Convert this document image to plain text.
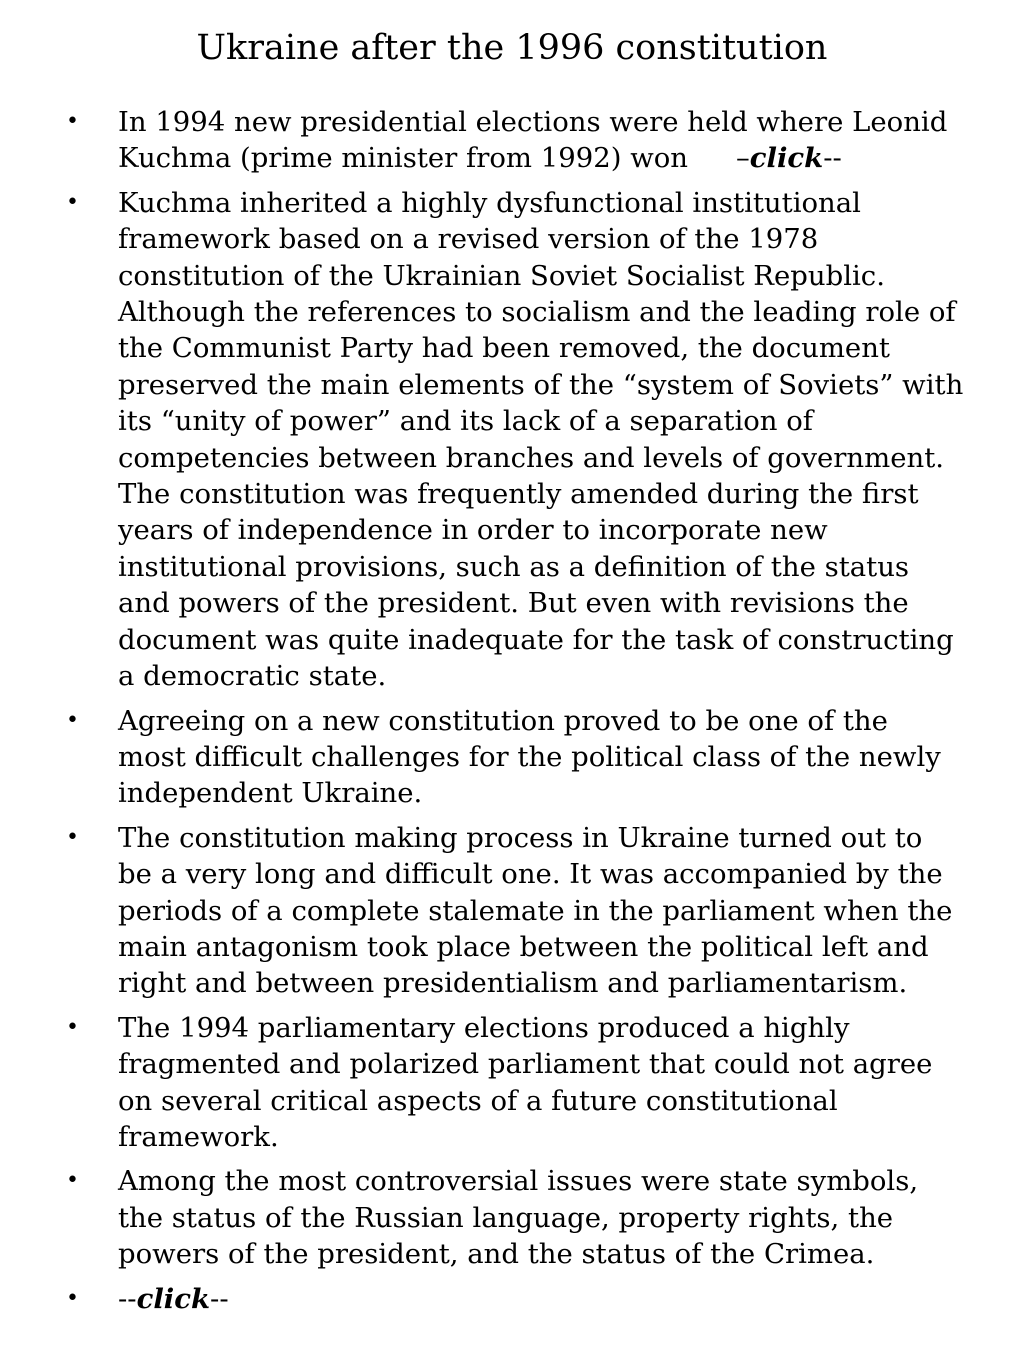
Ukraine after the 1996 constitution
• In 1994 new presidential elections were held where Leonid Kuchma (prime minister from 1992) won –click--
• Kuchma inherited a highly dysfunctional institutional framework based on a revised version of the 1978 constitution of the Ukrainian Soviet Socialist Republic. Although the references to socialism and the leading role of the Communist Party had been removed, the document preserved the main elements of the “system of Soviets” with its “unity of power” and its lack of a separation of competencies between branches and levels of government. The constitution was frequently amended during the first years of independence in order to incorporate new institutional provisions, such as a definition of the status and powers of the president. But even with revisions the document was quite inadequate for the task of constructing a democratic state.
• Agreeing on a new constitution proved to be one of the most difficult challenges for the political class of the newly independent Ukraine.
• The constitution making process in Ukraine turned out to be a very long and difficult one. It was accompanied by the periods of a complete stalemate in the parliament when the main antagonism took place between the political left and right and between presidentialism and parliamentarism.
• The 1994 parliamentary elections produced a highly fragmented and polarized parliament that could not agree on several critical aspects of a future constitutional framework.
• Among the most controversial issues were state symbols, the status of the Russian language, property rights, the powers of the president, and the status of the Crimea.
• --click--
